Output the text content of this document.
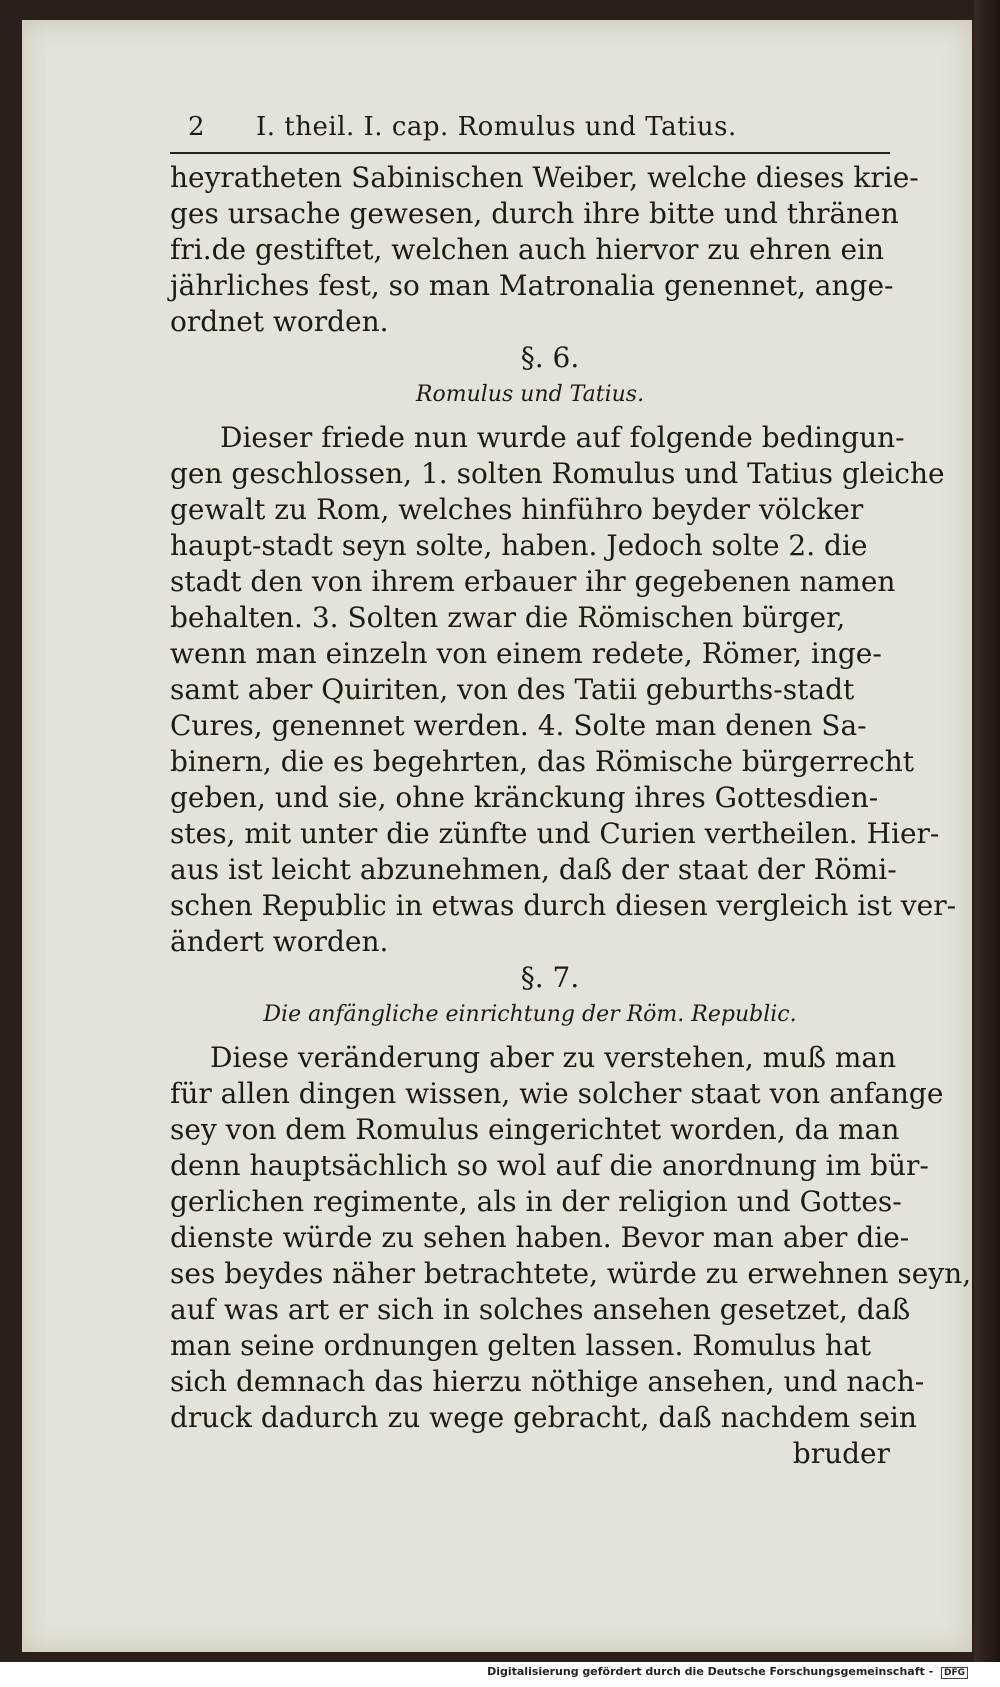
2	I. theil. I. cap. Romulus und Tatius.
heyratheten Sabinischen Weiber, welche dieses krie-
ges ursache gewesen, durch ihre bitte und thränen
fri.de gestiftet, welchen auch hiervor zu ehren ein
jährliches fest, so man Matronalia genennet, ange-
ordnet worden.
§. 6.
Romulus und Tatius.
Dieser friede nun wurde auf folgende bedingun-
gen geschlossen, 1. solten Romulus und Tatius gleiche
gewalt zu Rom, welches hinführo beyder völcker
haupt-stadt seyn solte, haben. Jedoch solte 2. die
stadt den von ihrem erbauer ihr gegebenen namen
behalten. 3. Solten zwar die Römischen bürger,
wenn man einzeln von einem redete, Römer, inge-
samt aber Quiriten, von des Tatii geburths-stadt
Cures, genennet werden. 4. Solte man denen Sa-
binern, die es begehrten, das Römische bürgerrecht
geben, und sie, ohne kränckung ihres Gottesdien-
stes, mit unter die zünfte und Curien vertheilen. Hier-
aus ist leicht abzunehmen, daß der staat der Römi-
schen Republic in etwas durch diesen vergleich ist ver-
ändert worden.
§. 7.
Die anfängliche einrichtung der Röm. Republic.
Diese veränderung aber zu verstehen, muß man
für allen dingen wissen, wie solcher staat von anfange
sey von dem Romulus eingerichtet worden, da man
denn hauptsächlich so wol auf die anordnung im bür-
gerlichen regimente, als in der religion und Gottes-
dienste würde zu sehen haben. Bevor man aber die-
ses beydes näher betrachtete, würde zu erwehnen seyn,
auf was art er sich in solches ansehen gesetzet, daß
man seine ordnungen gelten lassen. Romulus hat
sich demnach das hierzu nöthige ansehen, und nach-
druck dadurch zu wege gebracht, daß nachdem sein
bruder
Digitalisierung gefördert durch die Deutsche Forschungsgemeinschaft - DFG
